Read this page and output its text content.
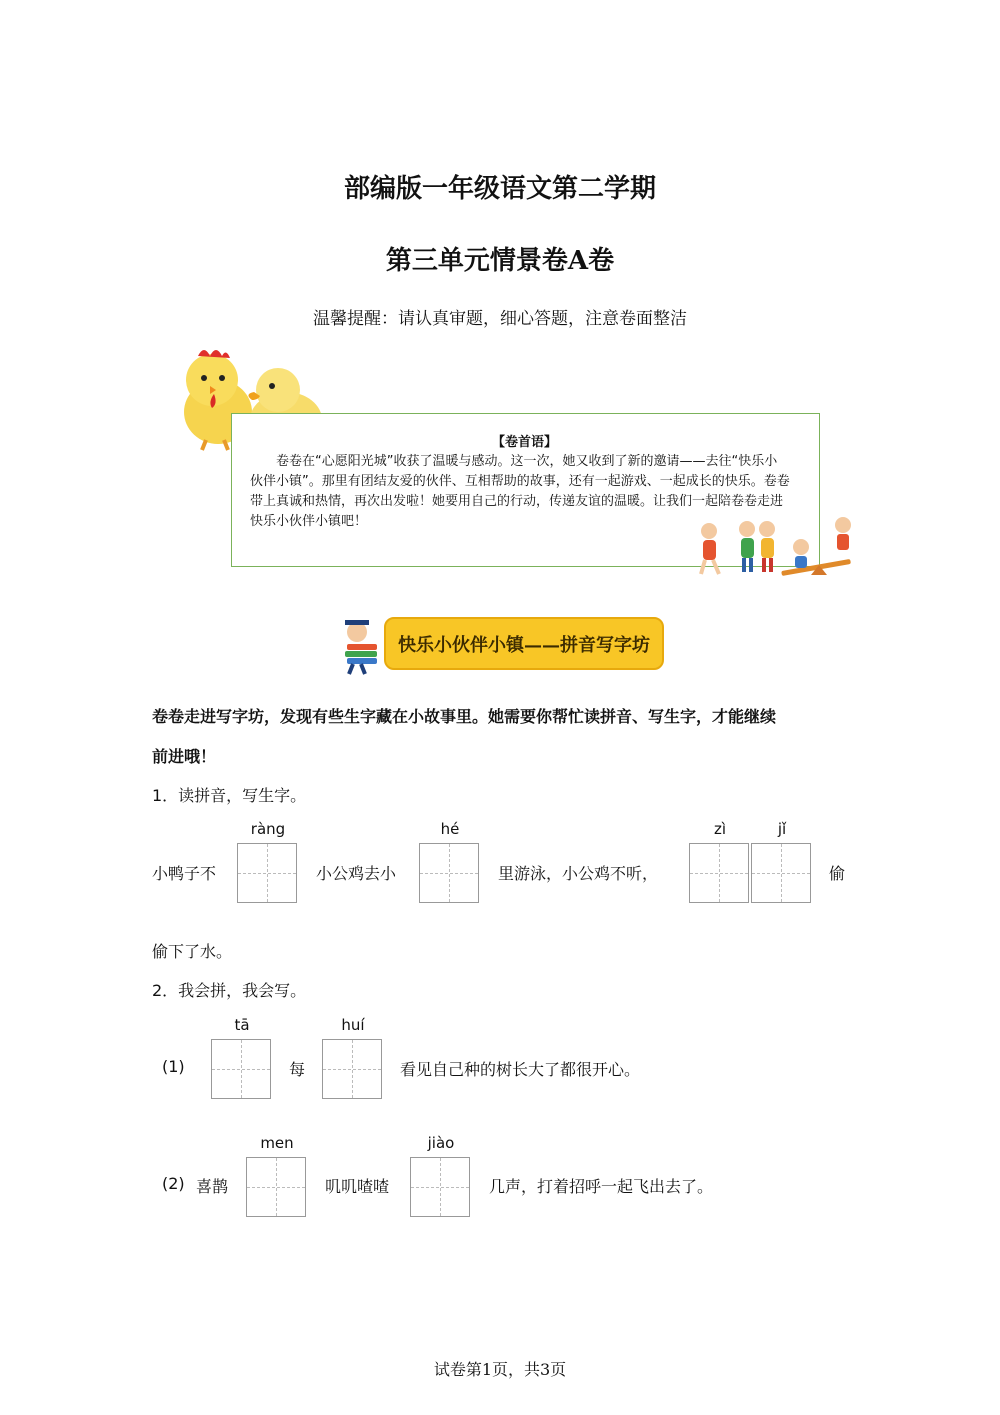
部编版一年级语文第二学期
第三单元情景卷A卷
温馨提醒：请认真审题，细心答题，注意卷面整洁
【卷首语】
卷卷在“心愿阳光城”收获了温暖与感动。这一次，她又收到了新的邀请——去往“快乐小伙伴小镇”。那里有团结友爱的伙伴、互相帮助的故事，还有一起游戏、一起成长的快乐。卷卷带上真诚和热情，再次出发啦！她要用自己的行动，传递友谊的温暖。让我们一起陪卷卷走进快乐小伙伴小镇吧！
快乐小伙伴小镇——拼音写字坊
卷卷走进写字坊，发现有些生字藏在小故事里。她需要你帮忙读拼音、写生字，才能继续
前进哦！
1．读拼音，写生字。
小鸭子不
ràng
小公鸡去小
hé
里游泳，小公鸡不听，
zì	jǐ
偷
偷下了水。
2．我会拼，我会写。
(1)
tā
每
huí
看见自己种的树长大了都很开心。
(2) 喜鹊
men
叽叽喳喳
jiào
几声，打着招呼一起飞出去了。
试卷第1页，共3页
